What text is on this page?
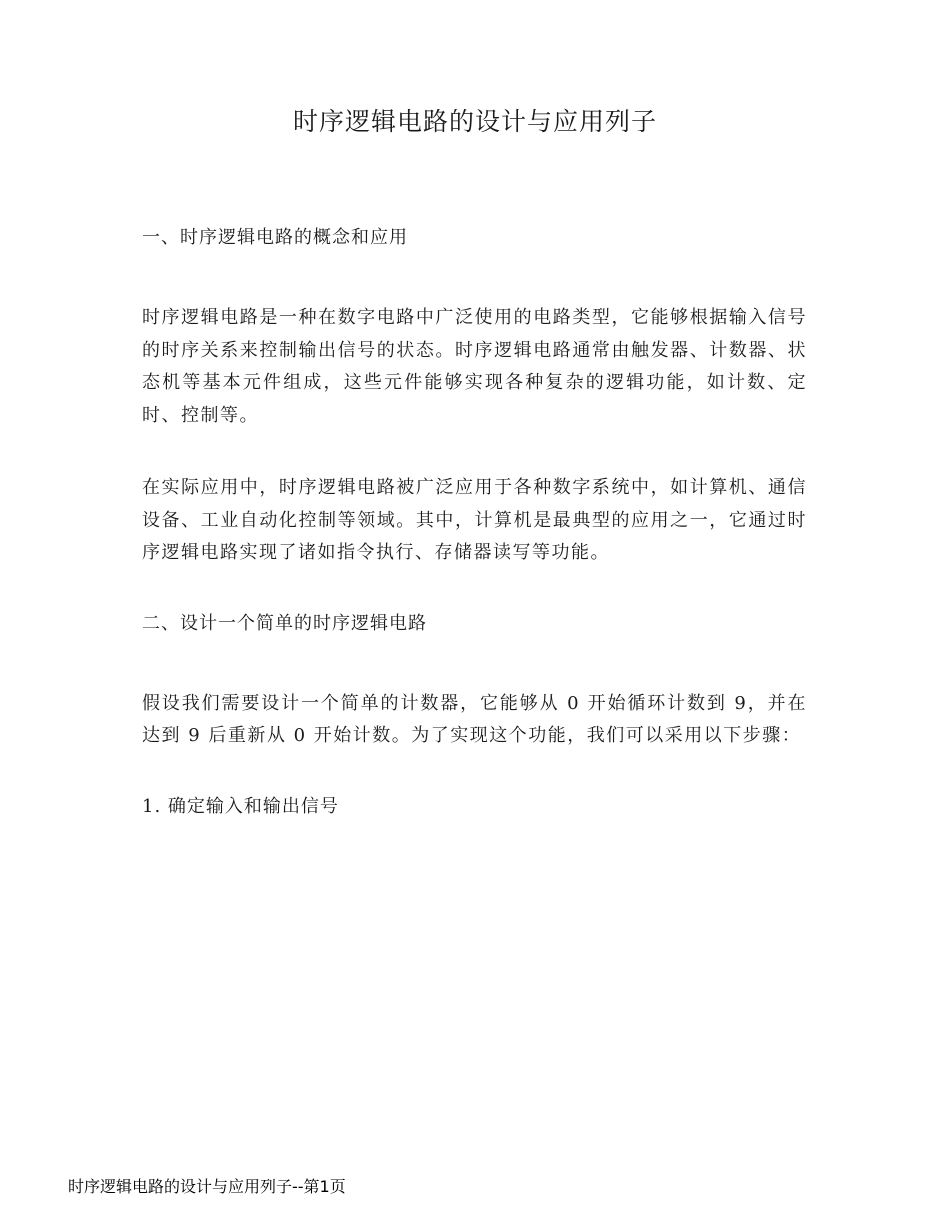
时序逻辑电路的设计与应用列子

一、时序逻辑电路的概念和应用

时序逻辑电路是一种在数字电路中广泛使用的电路类型，它能够根据输入信号的时序关系来控制输出信号的状态。时序逻辑电路通常由触发器、计数器、状态机等基本元件组成，这些元件能够实现各种复杂的逻辑功能，如计数、定时、控制等。

在实际应用中，时序逻辑电路被广泛应用于各种数字系统中，如计算机、通信设备、工业自动化控制等领域。其中，计算机是最典型的应用之一，它通过时序逻辑电路实现了诸如指令执行、存储器读写等功能。

二、设计一个简单的时序逻辑电路

假设我们需要设计一个简单的计数器，它能够从 0 开始循环计数到 9，并在达到 9 后重新从 0 开始计数。为了实现这个功能，我们可以采用以下步骤：

1. 确定输入和输出信号

时序逻辑电路的设计与应用列子--第1页
